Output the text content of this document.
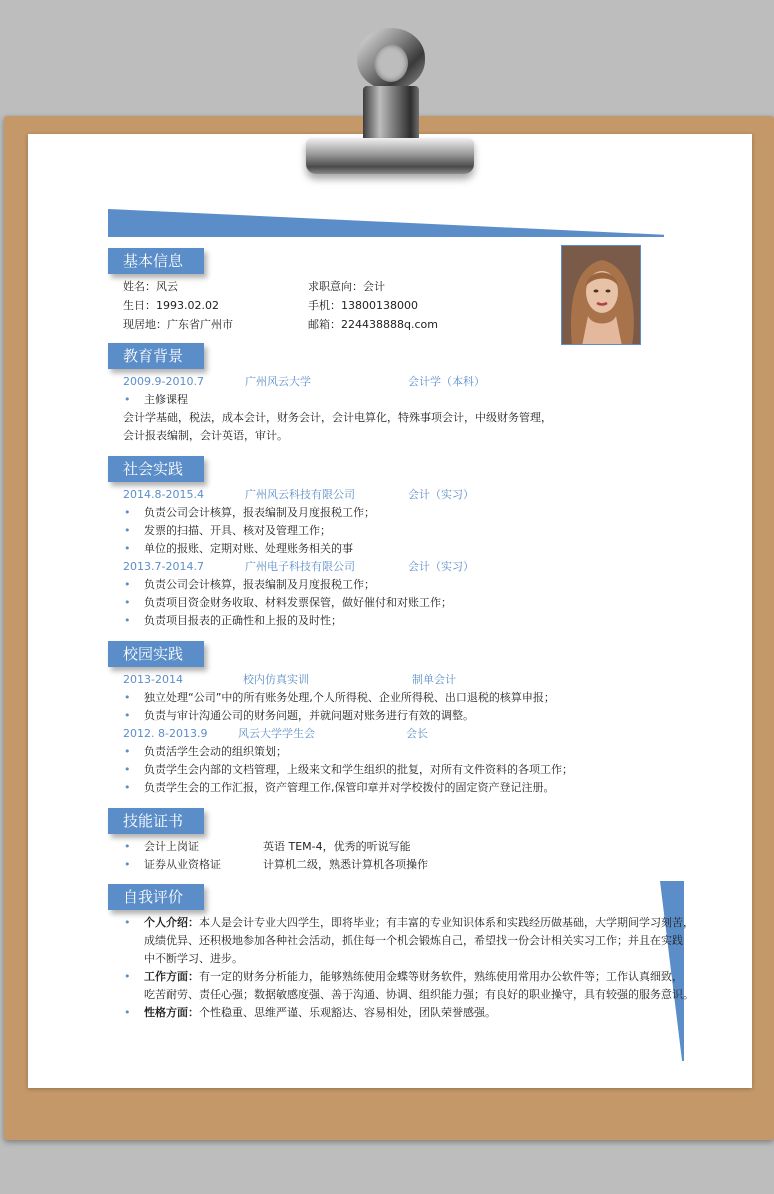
基本信息
姓名：风云	求职意向：会计
生日：1993.02.02	手机：13800138000
现居地：广东省广州市	邮箱：224438888q.com
教育背景
2009.9-2010.7	广州风云大学	会计学（本科）
• 主修课程
会计学基础，税法，成本会计，财务会计，会计电算化，特殊事项会计，中级财务管理，
会计报表编制，会计英语，审计。
社会实践
2014.8-2015.4	广州风云科技有限公司	会计（实习）
• 负责公司会计核算，报表编制及月度报税工作；
• 发票的扫描、开具、核对及管理工作；
• 单位的报账、定期对账、处理账务相关的事
2013.7-2014.7	广州电子科技有限公司	会计（实习）
• 负责公司会计核算，报表编制及月度报税工作；
• 负责项目资金财务收取、材料发票保管，做好催付和对账工作；
• 负责项目报表的正确性和上报的及时性；
校园实践
2013-2014	校内仿真实训	制单会计
• 独立处理“公司”中的所有账务处理,个人所得税、企业所得税、出口退税的核算申报；
• 负责与审计沟通公司的财务问题，并就问题对账务进行有效的调整。
2012. 8-2013.9	风云大学学生会	会长
• 负责活学生会动的组织策划；
• 负责学生会内部的文档管理，上级来文和学生组织的批复，对所有文件资料的各项工作；
• 负责学生会的工作汇报，资产管理工作,保管印章并对学校拨付的固定资产登记注册。
技能证书
• 会计上岗证	英语 TEM-4，优秀的听说写能
• 证券从业资格证	计算机二级，熟悉计算机各项操作
自我评价
• 个人介绍：本人是会计专业大四学生，即将毕业；有丰富的专业知识体系和实践经历做基础，大学期间学习刻苦，
成绩优异、还积极地参加各种社会活动，抓住每一个机会锻炼自己，希望找一份会计相关实习工作；并且在实践
中不断学习、进步。
• 工作方面：有一定的财务分析能力，能够熟练使用金蝶等财务软件，熟练使用常用办公软件等；工作认真细致，
吃苦耐劳、责任心强；数据敏感度强、善于沟通、协调、组织能力强；有良好的职业操守，具有较强的服务意识。
• 性格方面：个性稳重、思维严谨、乐观豁达、容易相处，团队荣誉感强。
